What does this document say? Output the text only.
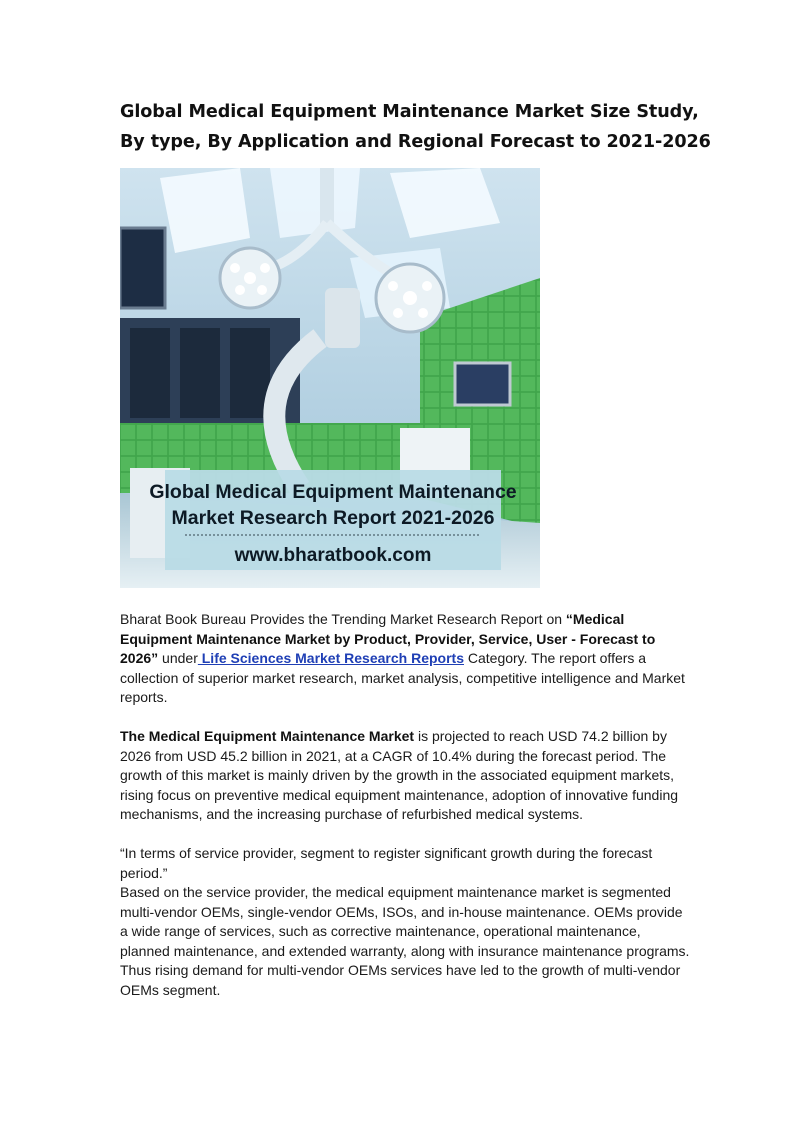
Global Medical Equipment Maintenance Market Size Study,
By type, By Application and Regional Forecast to 2021-2026
Global Medical Equipment Maintenance
Market Research Report 2021-2026
www.bharatbook.com

Bharat Book Bureau Provides the Trending Market Research Report on “Medical Equipment Maintenance Market by Product, Provider, Service, User - Forecast to 2026” under Life Sciences Market Research Reports Category. The report offers a collection of superior market research, market analysis, competitive intelligence and Market reports.

The Medical Equipment Maintenance Market is projected to reach USD 74.2 billion by 2026 from USD 45.2 billion in 2021, at a CAGR of 10.4% during the forecast period. The growth of this market is mainly driven by the growth in the associated equipment markets, rising focus on preventive medical equipment maintenance, adoption of innovative funding mechanisms, and the increasing purchase of refurbished medical systems.

“In terms of service provider, segment to register significant growth during the forecast period.”

Based on the service provider, the medical equipment maintenance market is segmented multi-vendor OEMs, single-vendor OEMs, ISOs, and in-house maintenance. OEMs provide a wide range of services, such as corrective maintenance, operational maintenance, planned maintenance, and extended warranty, along with insurance maintenance programs. Thus rising demand for multi-vendor OEMs services have led to the growth of multi-vendor OEMs segment.
